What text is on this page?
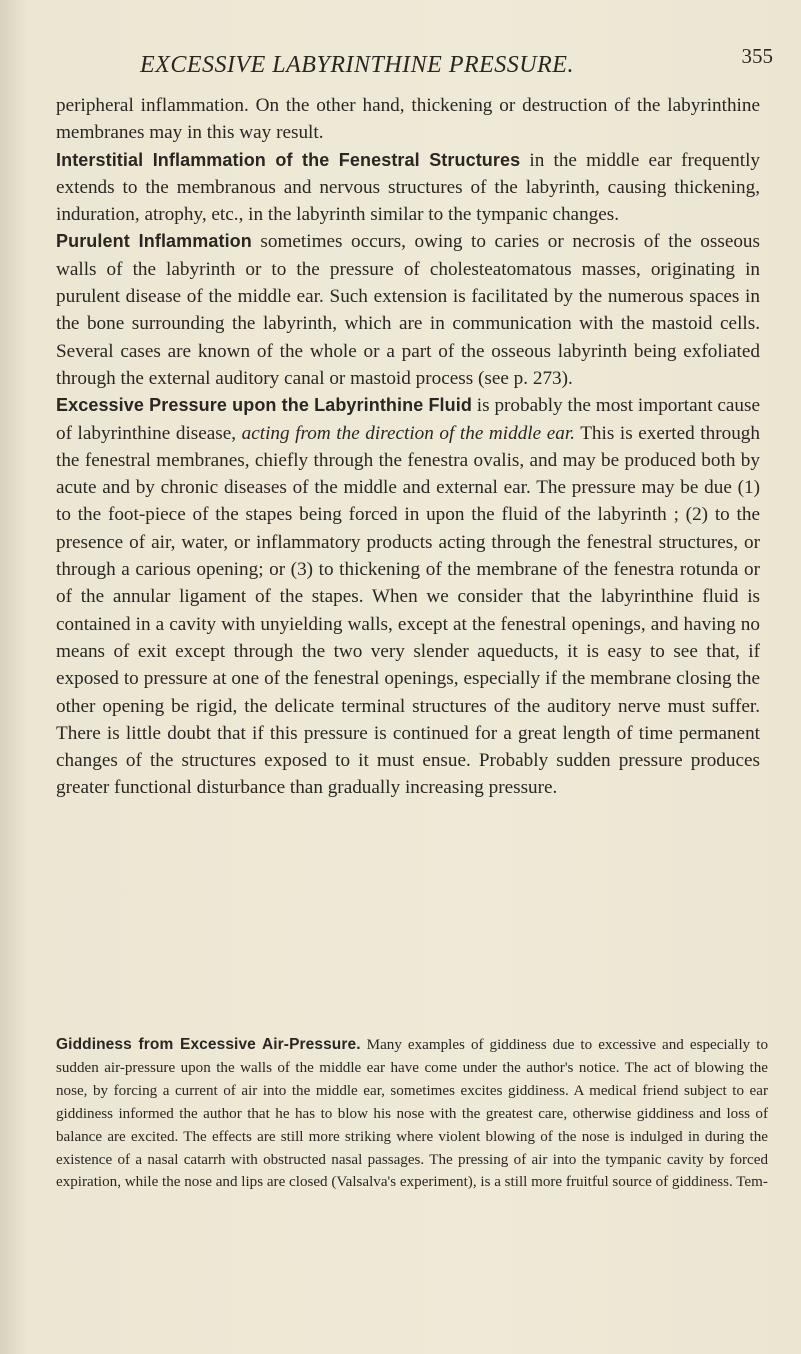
EXCESSIVE LABYRINTHINE PRESSURE.	355

peripheral inflammation. On the other hand, thickening or destruction of the labyrinthine membranes may in this way result.

Interstitial Inflammation of the Fenestral Structures in the middle ear frequently extends to the membranous and nervous structures of the labyrinth, causing thickening, induration, atrophy, etc., in the labyrinth similar to the tympanic changes.

Purulent Inflammation sometimes occurs, owing to caries or necrosis of the osseous walls of the labyrinth or to the pressure of cholesteatomatous masses, originating in purulent disease of the middle ear. Such extension is facilitated by the numerous spaces in the bone surrounding the labyrinth, which are in communication with the mastoid cells. Several cases are known of the whole or a part of the osseous labyrinth being exfoliated through the external auditory canal or mastoid process (see p. 273).

Excessive Pressure upon the Labyrinthine Fluid is probably the most important cause of labyrinthine disease, acting from the direction of the middle ear. This is exerted through the fenestral membranes, chiefly through the fenestra ovalis, and may be produced both by acute and by chronic diseases of the middle and external ear. The pressure may be due (1) to the foot-piece of the stapes being forced in upon the fluid of the labyrinth ; (2) to the presence of air, water, or inflammatory products acting through the fenestral structures, or through a carious opening; or (3) to thickening of the membrane of the fenestra rotunda or of the annular ligament of the stapes. When we consider that the labyrinthine fluid is contained in a cavity with unyielding walls, except at the fenestral openings, and having no means of exit except through the two very slender aqueducts, it is easy to see that, if exposed to pressure at one of the fenestral openings, especially if the membrane closing the other opening be rigid, the delicate terminal structures of the auditory nerve must suffer. There is little doubt that if this pressure is continued for a great length of time permanent changes of the structures exposed to it must ensue. Probably sudden pressure produces greater functional disturbance than gradually increasing pressure.

Giddiness from Excessive Air-Pressure. Many examples of giddiness due to excessive and especially to sudden air-pressure upon the walls of the middle ear have come under the author's notice. The act of blowing the nose, by forcing a current of air into the middle ear, sometimes excites giddiness. A medical friend subject to ear giddiness informed the author that he has to blow his nose with the greatest care, otherwise giddiness and loss of balance are excited. The effects are still more striking where violent blowing of the nose is indulged in during the existence of a nasal catarrh with obstructed nasal passages. The pressing of air into the tympanic cavity by forced expiration, while the nose and lips are closed (Valsalva's experiment), is a still more fruitful source of giddiness. Tem-
